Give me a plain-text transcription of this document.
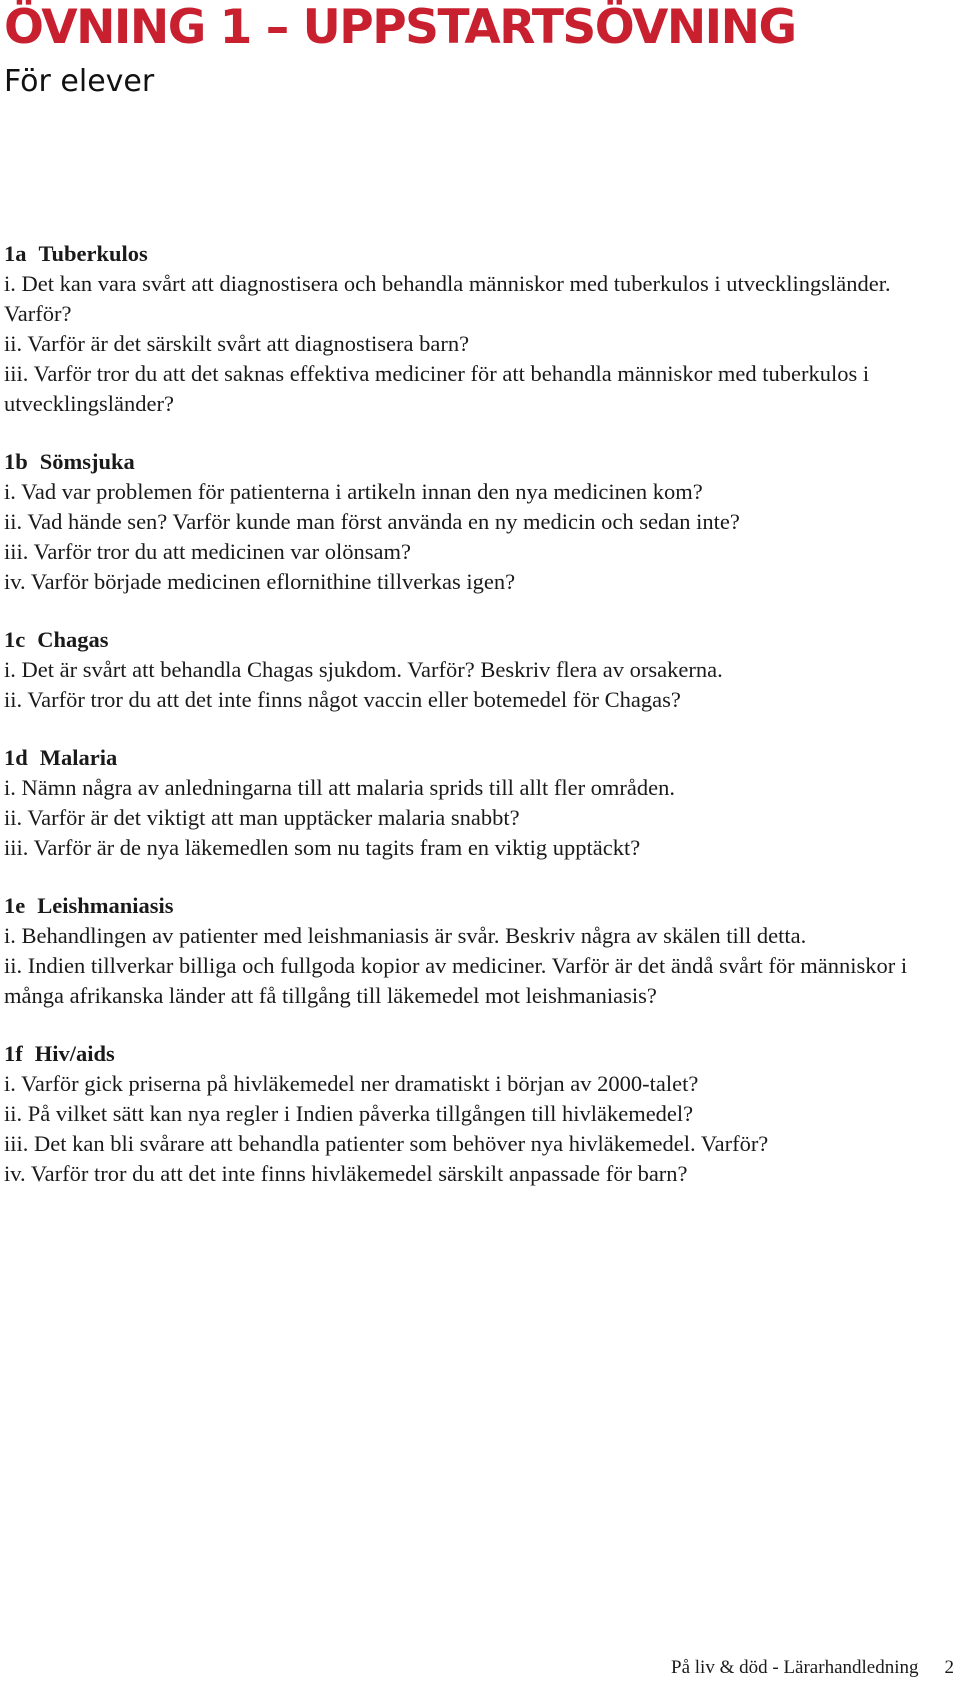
ÖVNING 1 – UPPSTARTSÖVNING
För elever
1a Tuberkulos
i. Det kan vara svårt att diagnostisera och behandla människor med tuberkulos i utvecklingsländer. Varför?
ii. Varför är det särskilt svårt att diagnostisera barn?
iii. Varför tror du att det saknas effektiva mediciner för att behandla människor med tuberkulos i utvecklingsländer?
1b Sömsjuka
i. Vad var problemen för patienterna i artikeln innan den nya medicinen kom?
ii. Vad hände sen? Varför kunde man först använda en ny medicin och sedan inte?
iii. Varför tror du att medicinen var olönsam?
iv. Varför började medicinen eflornithine tillverkas igen?
1c Chagas
i. Det är svårt att behandla Chagas sjukdom. Varför? Beskriv flera av orsakerna.
ii. Varför tror du att det inte finns något vaccin eller botemedel för Chagas?
1d Malaria
i. Nämn några av anledningarna till att malaria sprids till allt fler områden.
ii. Varför är det viktigt att man upptäcker malaria snabbt?
iii. Varför är de nya läkemedlen som nu tagits fram en viktig upptäckt?
1e Leishmaniasis
i. Behandlingen av patienter med leishmaniasis är svår. Beskriv några av skälen till detta.
ii. Indien tillverkar billiga och fullgoda kopior av mediciner. Varför är det ändå svårt för människor i många afrikanska länder att få tillgång till läkemedel mot leishmaniasis?
1f Hiv/aids
i. Varför gick priserna på hivläkemedel ner dramatiskt i början av 2000-talet?
ii. På vilket sätt kan nya regler i Indien påverka tillgången till hivläkemedel?
iii. Det kan bli svårare att behandla patienter som behöver nya hivläkemedel. Varför?
iv. Varför tror du att det inte finns hivläkemedel särskilt anpassade för barn?
På liv & död - Lärarhandledning 2
